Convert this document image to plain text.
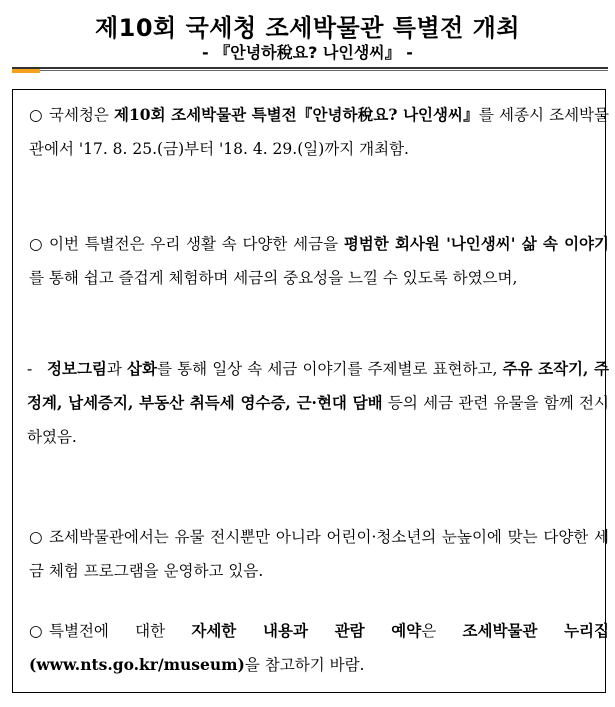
제10회 국세청 조세박물관 특별전 개최
- 『안녕하稅요? 나인생씨』 -
○ 국세청은 제10회 조세박물관 특별전『안녕하稅요? 나인생씨』를 세종시 조세박물관에서 '17. 8. 25.(금)부터 '18. 4. 29.(일)까지 개최함.
○ 이번 특별전은 우리 생활 속 다양한 세금을 평범한 회사원 '나인생씨' 삶 속 이야기를 통해 쉽고 즐겁게 체험하며 세금의 중요성을 느낄 수 있도록 하였으며,
- 정보그림과 삽화를 통해 일상 속 세금 이야기를 주제별로 표현하고, 주유 조작기, 주정계, 납세증지, 부동산 취득세 영수증, 근·현대 담배 등의 세금 관련 유물을 함께 전시하였음.
○ 조세박물관에서는 유물 전시뿐만 아니라 어린이·청소년의 눈높이에 맞는 다양한 세금 체험 프로그램을 운영하고 있음.
○ 특별전에 대한 자세한 내용과 관람 예약은 조세박물관 누리집(www.nts.go.kr/museum)을 참고하기 바람.
